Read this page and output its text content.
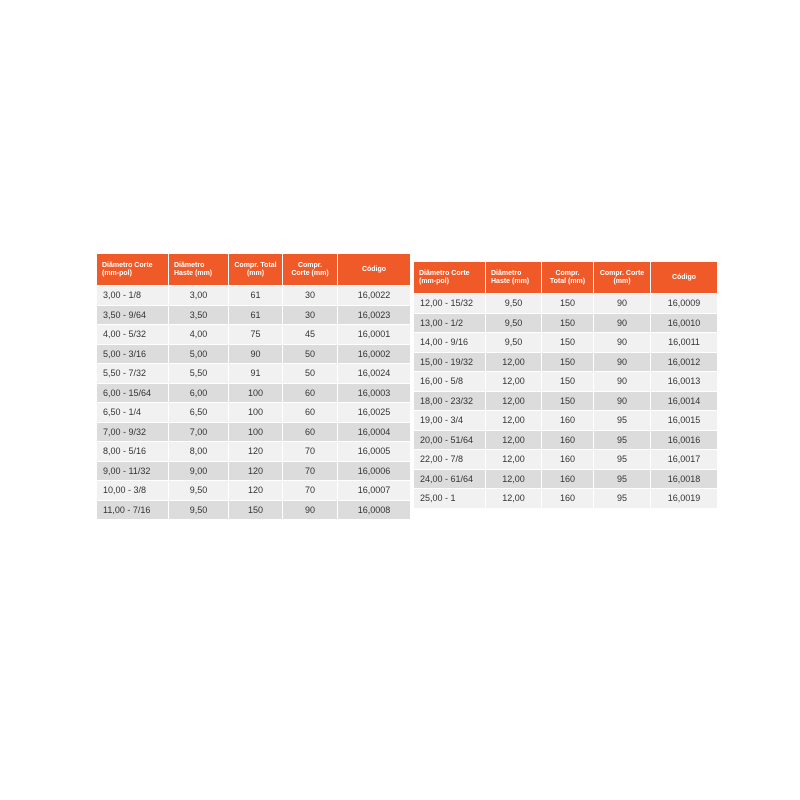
Diâmetro Corte (mm-pol)	Diâmetro Haste (mm)	Compr. Total (mm)	Compr. Corte (mm)	Código
3,00 - 1/8	3,00	61	30	16,0022
3,50 - 9/64	3,50	61	30	16,0023
4,00 - 5/32	4,00	75	45	16,0001
5,00 - 3/16	5,00	90	50	16,0002
5,50 - 7/32	5,50	91	50	16,0024
6,00 - 15/64	6,00	100	60	16,0003
6,50 - 1/4	6,50	100	60	16,0025
7,00 - 9/32	7,00	100	60	16,0004
8,00 - 5/16	8,00	120	70	16,0005
9,00 - 11/32	9,00	120	70	16,0006
10,00 - 3/8	9,50	120	70	16,0007
11,00 - 7/16	9,50	150	90	16,0008
Diâmetro Corte (mm-pol)	Diâmetro Haste (mm)	Compr. Total (mm)	Compr. Corte (mm)	Código
12,00 - 15/32	9,50	150	90	16,0009
13,00 - 1/2	9,50	150	90	16,0010
14,00 - 9/16	9,50	150	90	16,0011
15,00 - 19/32	12,00	150	90	16,0012
16,00 - 5/8	12,00	150	90	16,0013
18,00 - 23/32	12,00	150	90	16,0014
19,00 - 3/4	12,00	160	95	16,0015
20,00 - 51/64	12,00	160	95	16,0016
22,00 - 7/8	12,00	160	95	16,0017
24,00 - 61/64	12,00	160	95	16,0018
25,00 - 1	12,00	160	95	16,0019
